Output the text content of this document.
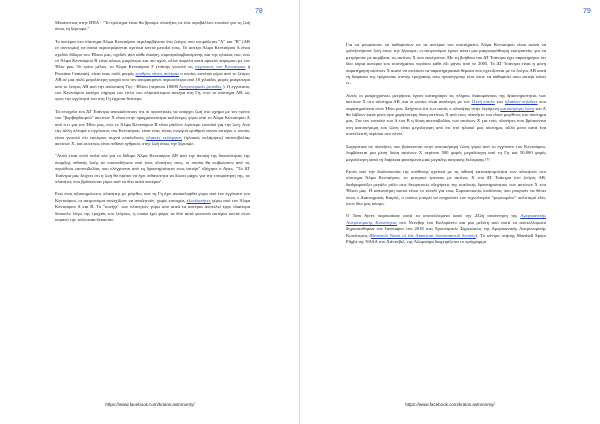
78

Μπαίνοντας στην ΗΠΑ - "Το ερώτημα είναι θα βρούμε πλανήτες σε ένα περιβάλλον ευνοϊκό για τη ζωή όπως τη ξέρουμε;"

Το αστέρια στο σύστημα Άλφα Κενταύρου περιλαμβάνουν ένα ζεύγος που ονομάζεται "Α" και "Β" (ΑΒ εν συντομία) τα οποία περιστρέφονται σχετικά κοντά μεταξύ τους. Το αστέρι Άλφα Κενταύρου Α είναι σχεδόν δίδυμο του Ήλιου μας, σχεδόν από κάθε άποψη, συμπεριλαμβανομένης και της ηλικίας του, ενώ το Άλφα Κενταύρου Β είναι κάπως μικρότερο και πιο αχνό, αλλά παρόλα αυτά αρκετά παρόμοιο με τον Ήλιο μας. Το τρίτο μέλος, το Άλφα Κενταύρου Γ (επίσης γνωστό ως εγγύτατος του Κενταύρου ή Proxima Centauri), είναι ένας πολύ μικρός ερυθρός νάνος αστέρας ο οποίος κινείται γύρω από το ζεύγος ΑΒ σε μια πολύ μεγαλύτερη τροχιά που τον απομακρύνει περισσότερο από 10 χιλιάδες φορές μακρύτερα από το ζεύγος ΑΒ από την απόσταση Γης - Ηλίου (περίπου 10000 Αστρονομικές μονάδες ). Ο εγγύτατος του Κενταύρου κατέχει σήμερα τον τίτλο του πλησιέστερου αστέρα στη Γη, ενώ το σύστημα ΑΒ, ως προς την εγγύτητά του στη Γη έρχεται δεύτερο.

Τα στοιχεία του ΔΤ Τσάντρα αποκαλύπτουν ότι οι προοπτικές να υπάρχει ζωή στο σχήμα με τον τρόπο του "βομβαρδισμού" ακτίνων Χ είναι στην πραγματικότητα καλύτερες γύρω από το Άλφα Κενταύρου Α από ό,τι για τον Ήλιο μας, ενώ το Άλφα Κενταύρου Β είναι μάλλον λιγότερο ευνοϊκό για την ζωή. Από την άλλη πλευρά ο εγγύτατος του Κενταύρου, είναι ένας τύπος ενεργού ερυθρού νάνου αστέρα, ο οποίος είναι γνωστό ότι εκπέμπει συχνά επικίνδυνες ηλιακές εκλάμψεις (ηλιακές εκλάμψεις) ακτινοβολίας ακτίνων Χ, και συνεπώς είναι πιθανό εχθρικός στην ζωή όπως την ξέρουμε.

"Αυτά είναι πολύ καλά νέα για το δίδυμο Άλφα Κενταύρου ΑΒ από την άποψη της δυνατότητας της ύπαρξης πιθανής ζωής σε οποιονδήποτε από τους πλανήτες τους, οι οποίοι θα επιβιώσουν από τις περιόδους ακτινοβολίας που ελέγχονται από τη δραστηριότητα τους αστέρι" εξήγησε ο Αγιες. "Τo ΔΤ Τσάντρα μας δείχνει ότι η ζωή θα πρέπει να έχει πιθανότητα να δώσει μάχες για την επικράτηση της, σε πλανήτες που βρίσκονται γύρω από τα δύο αυτά αστέρια".

Ενώ ένας αξιοσημείωτος πλανήτης με μέγεθος σαν τη Γη έχει ανακαλυφθεί γύρω από τον εγγύτατο του Κενταύρου, οι αστρονόμοι συνεχίζουν να αναζητούν, χωρίς επιτυχία, εξωπλανήτες γύρω από τον Άλφα Κενταύρου Α και Β. Το "κυνήγι" των πλανητών γύρω από αυτά τα αστέρια αποτελεί έργο ιδιαίτερα δύσκολο λόγω της τροχιάς του ζεύγους, η οποία έχει φέρει τα δύο αυτά φωτεινά αστέρια κοντά στον ουρανό την τελευταία δεκαετία.

https://www.facebook.com/kratos.astronomy/
79

Για να μπορέσουν να καθορίσουν αν τα αστέρια του συστήματος Άλφα Κενταύρου είναι ικανά να φιλοξενήσουν ζωή όπως την ξέρουμε, οι αστρονόμοι έχουν κάνει μια μακροπρόθεσμη εκστρατεία, για να μετρήσουν με ακρίβεια, τις ακτίνες Χ που εκπέμπουν. Με τη βοήθεια του ΔΤ Τσάντρα έχει παρατηρήσει ότι δύο κύρια αστέρια του συστήματος περίπου κάθε έξι μήνες από το 2005. Το ΔΤ Τσάντρα είναι η μόνη παρατήρηση ακτίνων Χ ικανό να επιλύσει τα παρατηρησιακά θέματα που σχετίζονται με το ζεύγος ΑΒ κατά τη διάρκεια της τρέχουσας στενής τροχιακής τους προσέγγισης έτσι ώστε να καθορίσει ποιο αστέρι κάνει τι...

Αυτές οι μακροχρόνιες μετρήσεις έχουν καταγράψει τις πλήρεις διακυμάνσεις της δραστηριότητας των ακτίνων Χ στο σύστημα ΑΒ, και οι οποίες είναι ανάλογες με τον 11ετή κύκλο των ηλιακών κηλίδων που παρατηρούνται στον Ήλιο μας. Δείχνουν ότι ό,τι αυτός ο πλανήτης στην λεγόμενη κατοικήσιμη ζώνη του Α θα λάβουν κατά μέσο όρο χαμηλότερη δόση ακτίνων Χ από τους πλανήτες του ιδιού μεγέθους στο σύστημα μας. Για τον ευνοϊκό του Α του Β η δόση ακτινοβολίας των ακτίνων Χ για τους πλανήτες που βρίσκονται στη κατοικήσιμη του ζώνη είναι μεγαλύτερη από ότι στο ηλιακό μας σύστημα, αλλά μόνο κατά ένα συντελεστή περίπου στο πέντε.

Συγκριτικά σε πλανήτες που βρίσκονται στην κατοικήσιμη ζώνη γύρω από το εγγύτατο του Κενταύρου, λαμβάνεται μια μέση δόση ακτίνων Χ περίπου 500 φορές μεγαλύτερη από τη Γη και 50.000 φορές μεγαλύτερη κατά τη διάρκεια φαινόμενα μιας μεγάλης αστρικής έκλαμψης.!!!

Εκτός από την διαλοσκοπία της υπόθεσης σχετικά με τη πιθανή κατοικησιμότητα των πλανητών στο σύστημα Άλφα Κενταύρου, το ιστορικό έρευνας με ακτίνες Χ του ΔΤ Τσάντρα στο ζεύγος ΑΒ, διαδραματίζει μεγάλο ρόλο στις θεωρητικές εξηγήσεις της κυκλικής δραστηριότητας των ακτίνων Χ του Ήλιου μας. Η κατανόηση αυτού είναι το κλειδί για τους Συμπαντικούς κινδύνους που μπορούν να θέσει όπως ο Διαστημικός Καιρός, ο οποίος μπορεί να επηρεάσει τον τεχνολογικό "φορτωμένο" πολιτισμό εδώ, στον ίδιο μας κόσμο.

Ο Tom Ayres παρουσίασε αυτά τα αποτελέσματα κατά την 232η συνάντηση της Αμερικανικής Αστρονομικής Κοινότητας στο Ντένβερ του Κολοράντο και μια μελέτη από αυτά τα αποτελέσματα δημοσιεύθηκαν τον Ιανουάριο του 2018 στις Ερευνητικές Σημειώσεις της Αμερικανικής Αστρονομικής Κοινότητας (Research Notes of the American Astronomical Society). Το κέντρο πτήσης Marshall Space Flight της NASA στο Χάντσβιλ, της Αλαμπάμα διαχειρίζεται το πρόγραμμα

https://www.facebook.com/kratos.astronomy/
